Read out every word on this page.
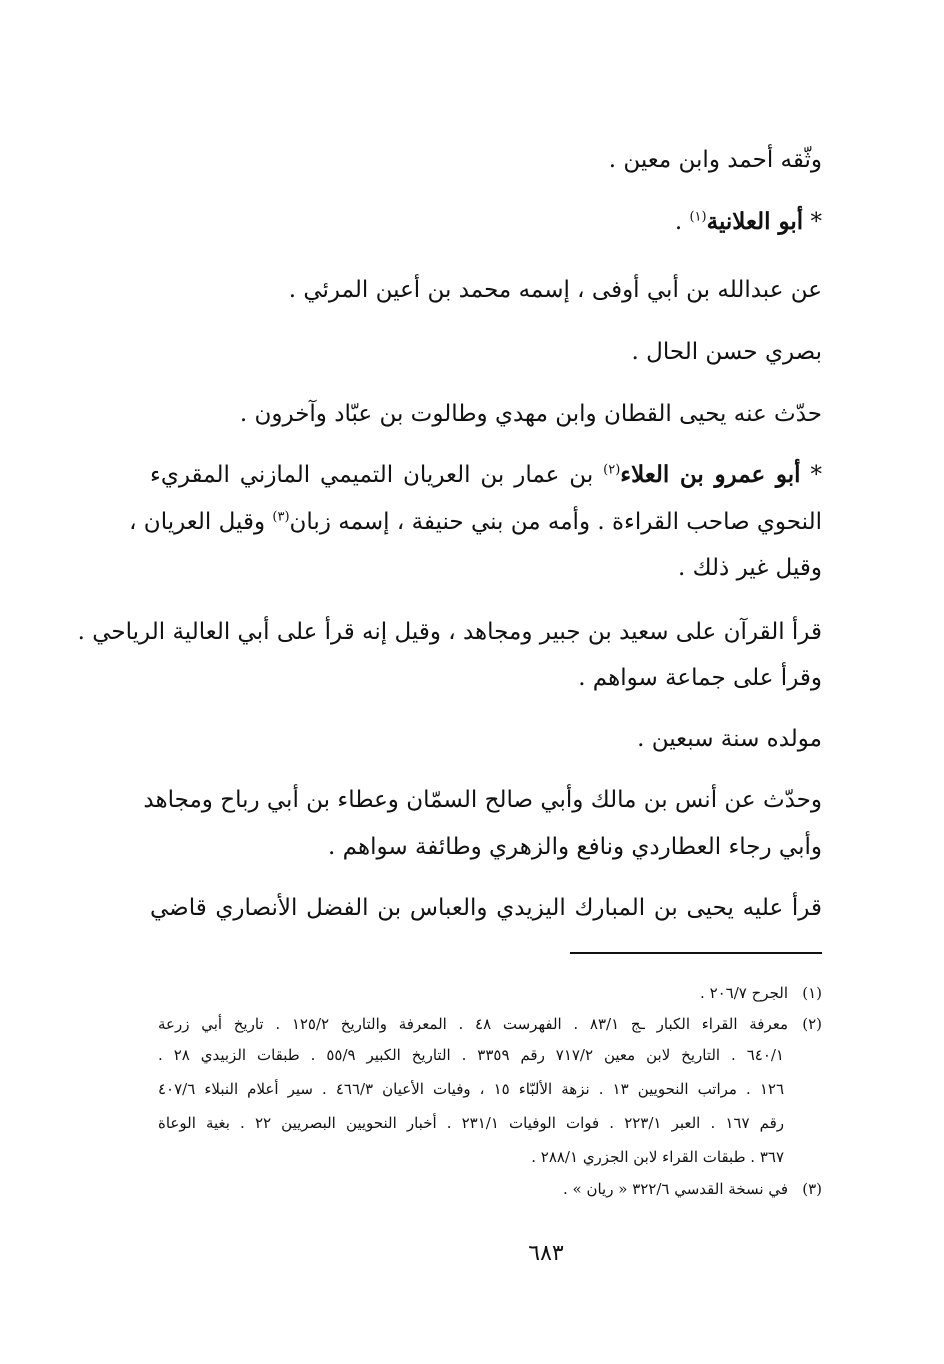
وثّقه أحمد وابن معين .
* أبو العلانية$^{(١)}$ .
عن عبدالله بن أبي أوفى ، إسمه محمد بن أعين المرئي .
بصري حسن الحال .
حدّث عنه يحيى القطان وابن مهدي وطالوت بن عبّاد وآخرون .
* أبو عمرو بن العلاء$^{(٢)}$ بن عمار بن العريان التميمي المازني المقريء
النحوي صاحب القراءة . وأمه من بني حنيفة ، إسمه زبان$^{(٣)}$ وقيل العريان ،
وقيل غير ذلك .
قرأ القرآن على سعيد بن جبير ومجاهد ، وقيل إنه قرأ على أبي العالية الرياحي .
وقرأ على جماعة سواهم .
مولده سنة سبعين .
وحدّث عن أنس بن مالك وأبي صالح السمّان وعطاء بن أبي رباح ومجاهد
وأبي رجاء العطاردي ونافع والزهري وطائفة سواهم .
قرأ عليه يحيى بن المبارك اليزيدي والعباس بن الفضل الأنصاري قاضي
(١)الجرح ٢٠٦/٧ .
(٢)معرفة القراء الكبار ـج ٨٣/١ . الفهرست ٤٨ . المعرفة والتاريخ ١٢٥/٢ . تاريخ أبي زرعة
٦٤٠/١ . التاريخ لابن معين ٧١٧/٢ رقم ٣٣٥٩ . التاريخ الكبير ٥٥/٩ . طبقات الزبيدي ٢٨ .
١٢٦ . مراتب النحويين ١٣ . نزهة الألبّاء ١٥ ، وفيات الأعيان ٤٦٦/٣ . سير أعلام النبلاء ٤٠٧/٦
رقم ١٦٧ . العبر ٢٢٣/١ . فوات الوفيات ٢٣١/١ . أخبار النحويين البصريين ٢٢ . بغية الوعاة
٣٦٧ . طبقات القراء لابن الجزري ٢٨٨/١ .
(٣)في نسخة القدسي ٣٢٢/٦ « ريان » .
٦٨٣
